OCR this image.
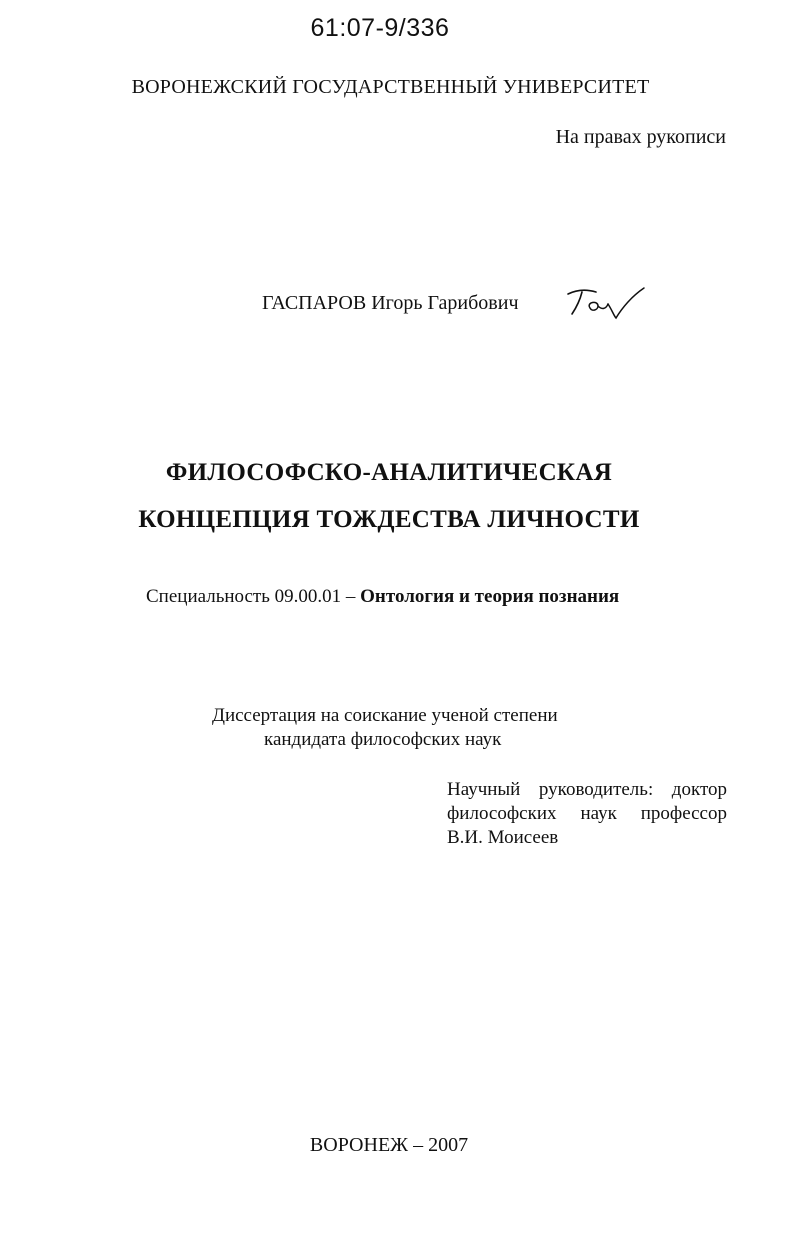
61:07-9/336
ВОРОНЕЖСКИЙ ГОСУДАРСТВЕННЫЙ УНИВЕРСИТЕТ
На правах рукописи
ГАСПАРОВ Игорь Гарибович
ФИЛОСОФСКО-АНАЛИТИЧЕСКАЯ
КОНЦЕПЦИЯ ТОЖДЕСТВА ЛИЧНОСТИ
Специальность 09.00.01 – Онтология и теория познания
Диссертация на соискание ученой степени
кандидата философских наук
Научный руководитель: доктор
философских наук профессор
В.И. Моисеев
ВОРОНЕЖ – 2007
